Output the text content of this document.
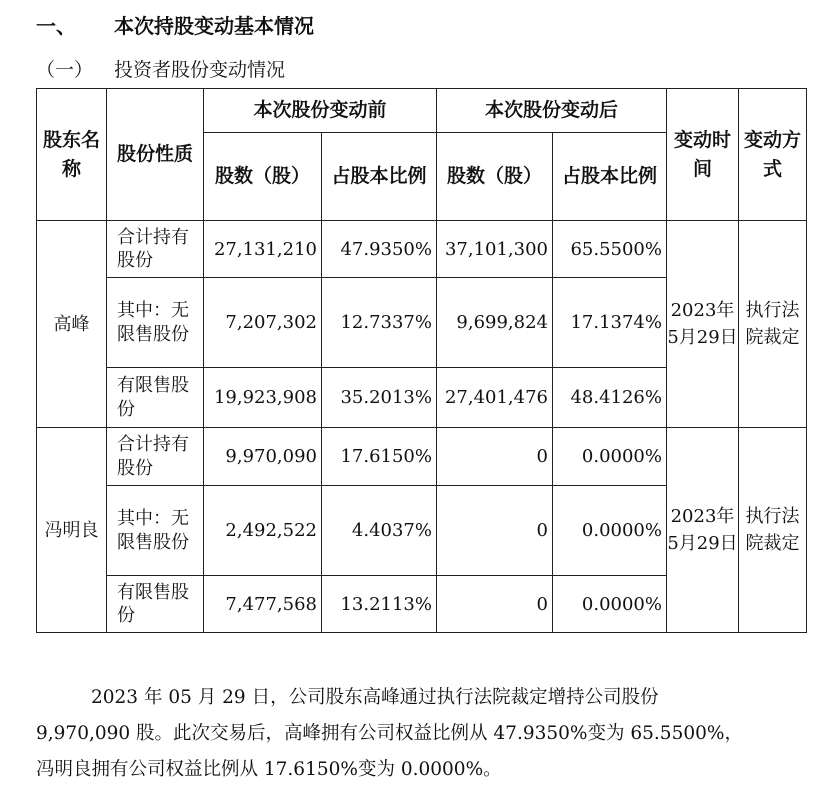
一、 本次持股变动基本情况
（一） 投资者股份变动情况
股东名称	股份性质	本次股份变动前		本次股份变动后		变动时间	变动方式
		股数（股）	占股本比例	股数（股）	占股本比例		
高峰	合计持有股份	27,131,210	47.9350%	37,101,300	65.5500%	2023年5月29日	执行法院裁定
	其中：无限售股份	7,207,302	12.7337%	9,699,824	17.1374%		
	有限售股份	19,923,908	35.2013%	27,401,476	48.4126%		
冯明良	合计持有股份	9,970,090	17.6150%	0	0.0000%	2023年5月29日	执行法院裁定
	其中：无限售股份	2,492,522	4.4037%	0	0.0000%		
	有限售股份	7,477,568	13.2113%	0	0.0000%		

2023 年 05 月 29 日，公司股东高峰通过执行法院裁定增持公司股份

9,970,090 股。此次交易后，高峰拥有公司权益比例从 47.9350%变为 65.5500%，

冯明良拥有公司权益比例从 17.6150%变为 0.0000%。
